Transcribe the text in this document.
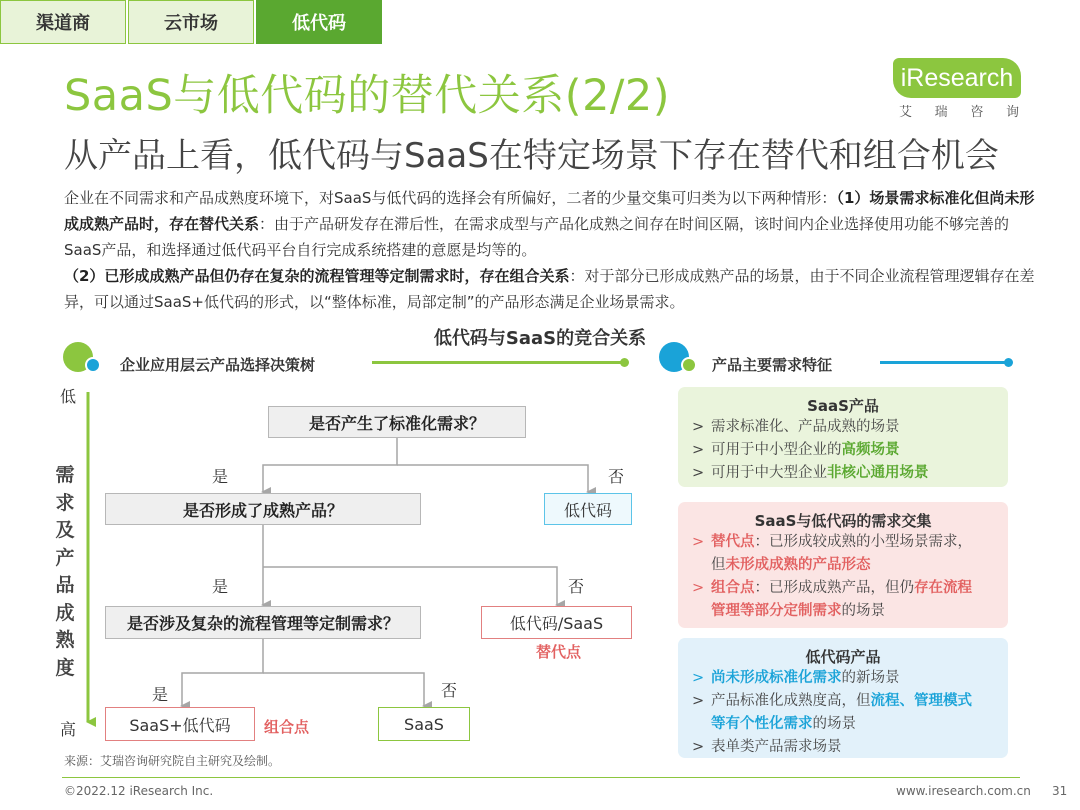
渠道商	云市场	低代码
SaaS与低代码的替代关系(2/2)
从产品上看，低代码与SaaS在特定场景下存在替代和组合机会
iResearch
艾 瑞 咨 询
企业在不同需求和产品成熟度环境下，对SaaS与低代码的选择会有所偏好，二者的少量交集可归类为以下两种情形：（1）场景需求标准化但尚未形成成熟产品时，存在替代关系：由于产品研发存在滞后性，在需求成型与产品化成熟之间存在时间区隔，该时间内企业选择使用功能不够完善的SaaS产品，和选择通过低代码平台自行完成系统搭建的意愿是均等的。
（2）已形成成熟产品但仍存在复杂的流程管理等定制需求时，存在组合关系：对于部分已形成成熟产品的场景，由于不同企业流程管理逻辑存在差异，可以通过SaaS+低代码的形式，以“整体标准，局部定制”的产品形态满足企业场景需求。
低代码与SaaS的竞合关系
企业应用层云产品选择决策树	产品主要需求特征
低
高
需
求
及
产
品
成
熟
度
是否产生了标准化需求？
是	否
是否形成了成熟产品？	低代码
是	否
是否涉及复杂的流程管理等定制需求？	低代码/SaaS
替代点
是	否
SaaS+低代码	组合点	SaaS
SaaS产品
> 需求标准化、产品成熟的场景
> 可用于中小型企业的高频场景
> 可用于中大型企业非核心通用场景
SaaS与低代码的需求交集
> 替代点：已形成较成熟的小型场景需求，
但未形成成熟的产品形态
> 组合点：已形成成熟产品，但仍存在流程
管理等部分定制需求的场景
低代码产品
> 尚未形成标准化需求的新场景
> 产品标准化成熟度高，但流程、管理模式
等有个性化需求的场景
> 表单类产品需求场景
来源：艾瑞咨询研究院自主研究及绘制。
©2022.12 iResearch Inc.	www.iresearch.com.cn 31
